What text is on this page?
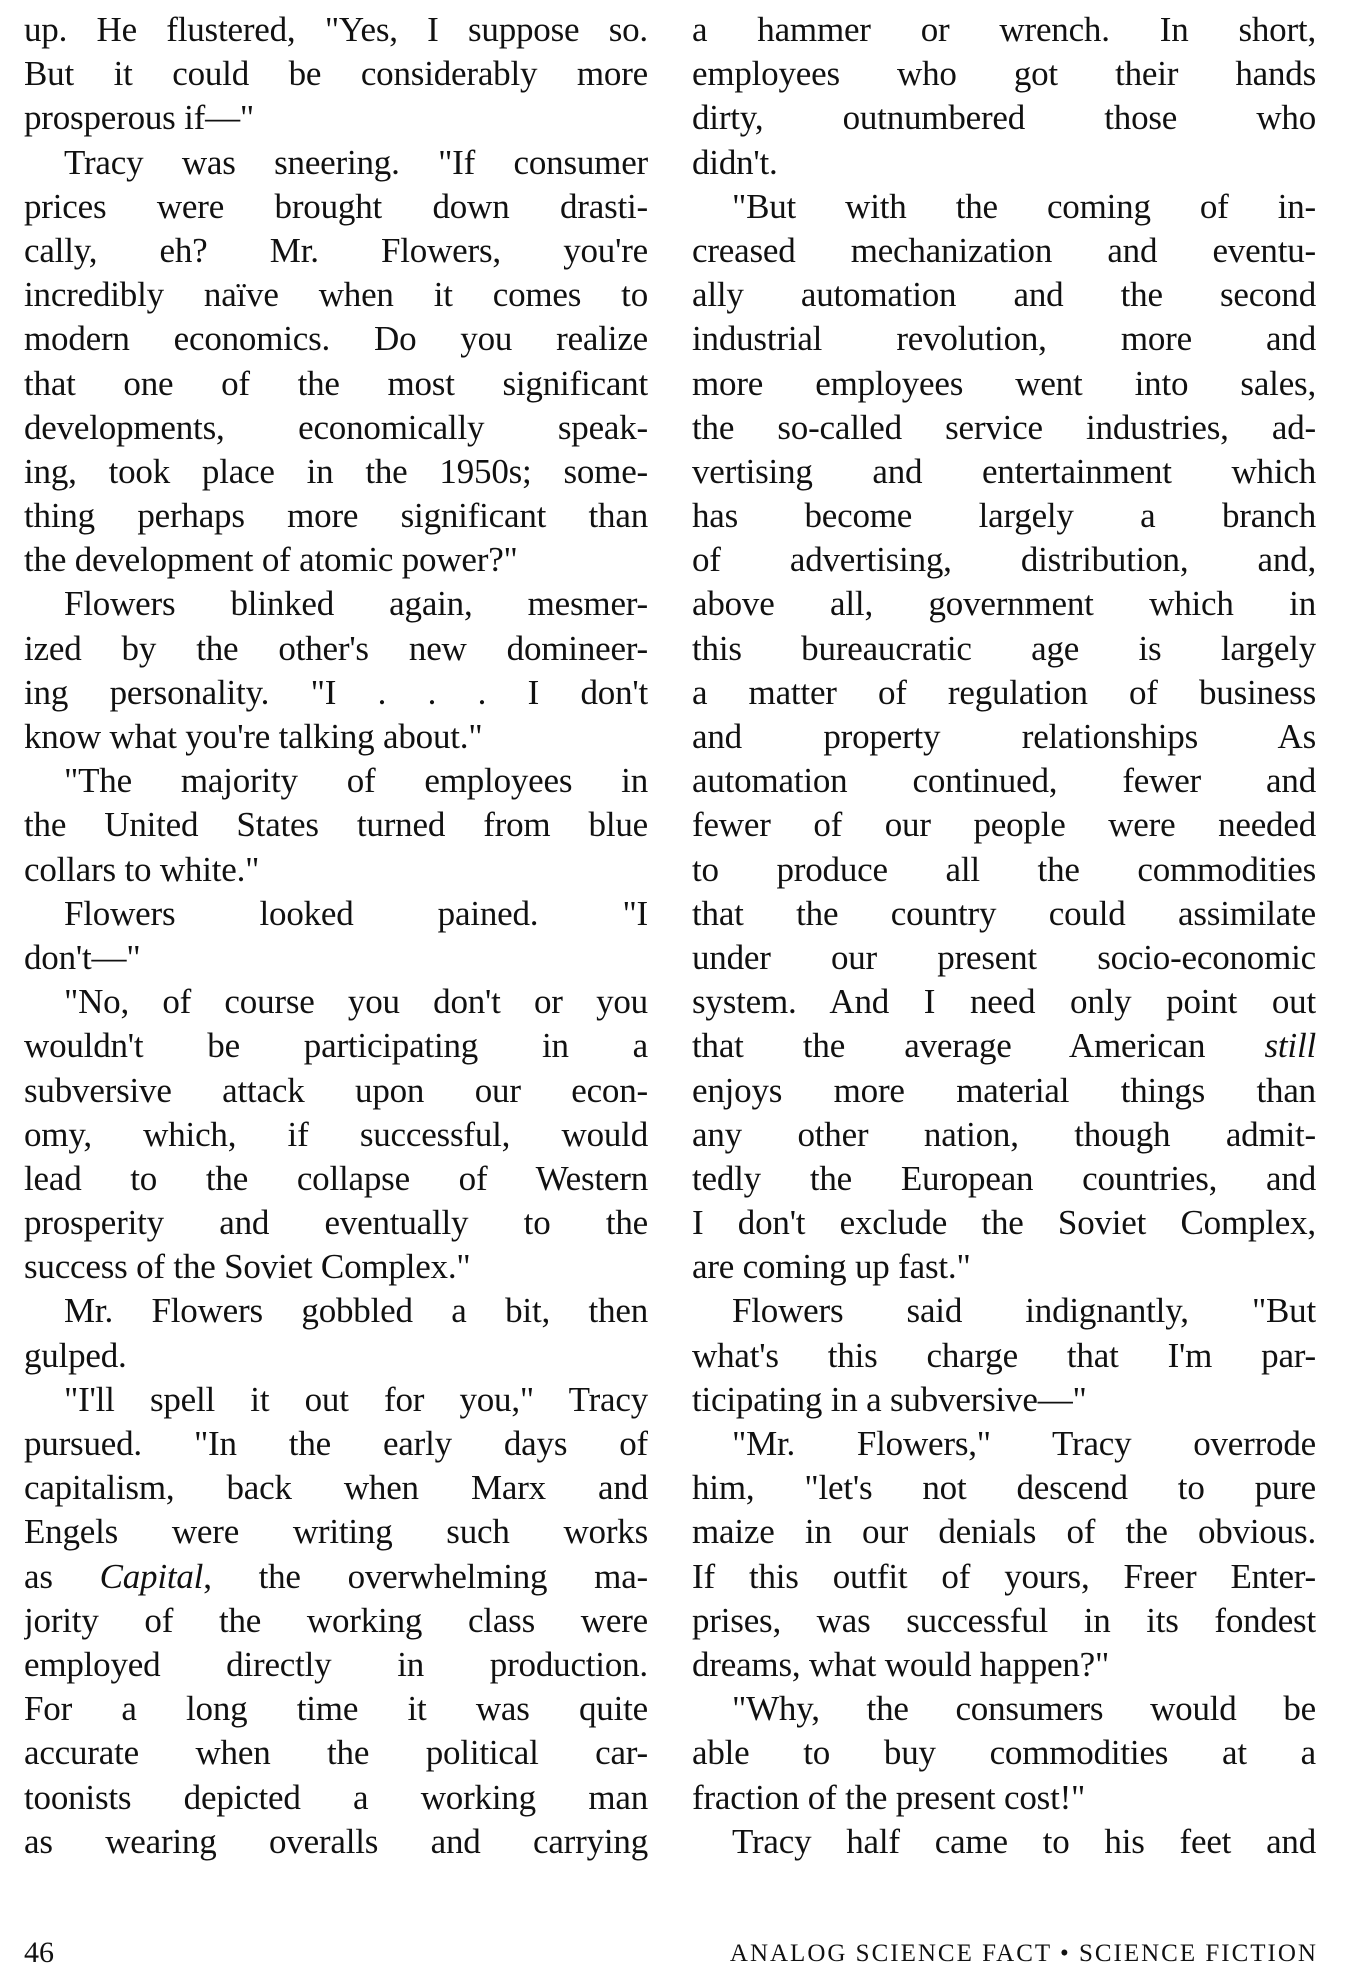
up. He flustered, "Yes, I suppose so.
But it could be considerably more
prosperous if—"
Tracy was sneering. "If consumer
prices were brought down drasti-
cally, eh? Mr. Flowers, you're
incredibly naïve when it comes to
modern economics. Do you realize
that one of the most significant
developments, economically speak-
ing, took place in the 1950s; some-
thing perhaps more significant than
the development of atomic power?"
Flowers blinked again, mesmer-
ized by the other's new domineer-
ing personality. "I . . . I don't
know what you're talking about."
"The majority of employees in
the United States turned from blue
collars to white."
Flowers looked pained. "I
don't—"
"No, of course you don't or you
wouldn't be participating in a
subversive attack upon our econ-
omy, which, if successful, would
lead to the collapse of Western
prosperity and eventually to the
success of the Soviet Complex."
Mr. Flowers gobbled a bit, then
gulped.
"I'll spell it out for you," Tracy
pursued. "In the early days of
capitalism, back when Marx and
Engels were writing such works
as Capital, the overwhelming ma-
jority of the working class were
employed directly in production.
For a long time it was quite
accurate when the political car-
toonists depicted a working man
as wearing overalls and carrying
a hammer or wrench. In short,
employees who got their hands
dirty, outnumbered those who
didn't.
"But with the coming of in-
creased mechanization and eventu-
ally automation and the second
industrial revolution, more and
more employees went into sales,
the so-called service industries, ad-
vertising and entertainment which
has become largely a branch
of advertising, distribution, and,
above all, government which in
this bureaucratic age is largely
a matter of regulation of business
and property relationships As
automation continued, fewer and
fewer of our people were needed
to produce all the commodities
that the country could assimilate
under our present socio-economic
system. And I need only point out
that the average American still
enjoys more material things than
any other nation, though admit-
tedly the European countries, and
I don't exclude the Soviet Complex,
are coming up fast."
Flowers said indignantly, "But
what's this charge that I'm par-
ticipating in a subversive—"
"Mr. Flowers," Tracy overrode
him, "let's not descend to pure
maize in our denials of the obvious.
If this outfit of yours, Freer Enter-
prises, was successful in its fondest
dreams, what would happen?"
"Why, the consumers would be
able to buy commodities at a
fraction of the present cost!"
Tracy half came to his feet and
46	ANALOG SCIENCE FACT • SCIENCE FICTION
